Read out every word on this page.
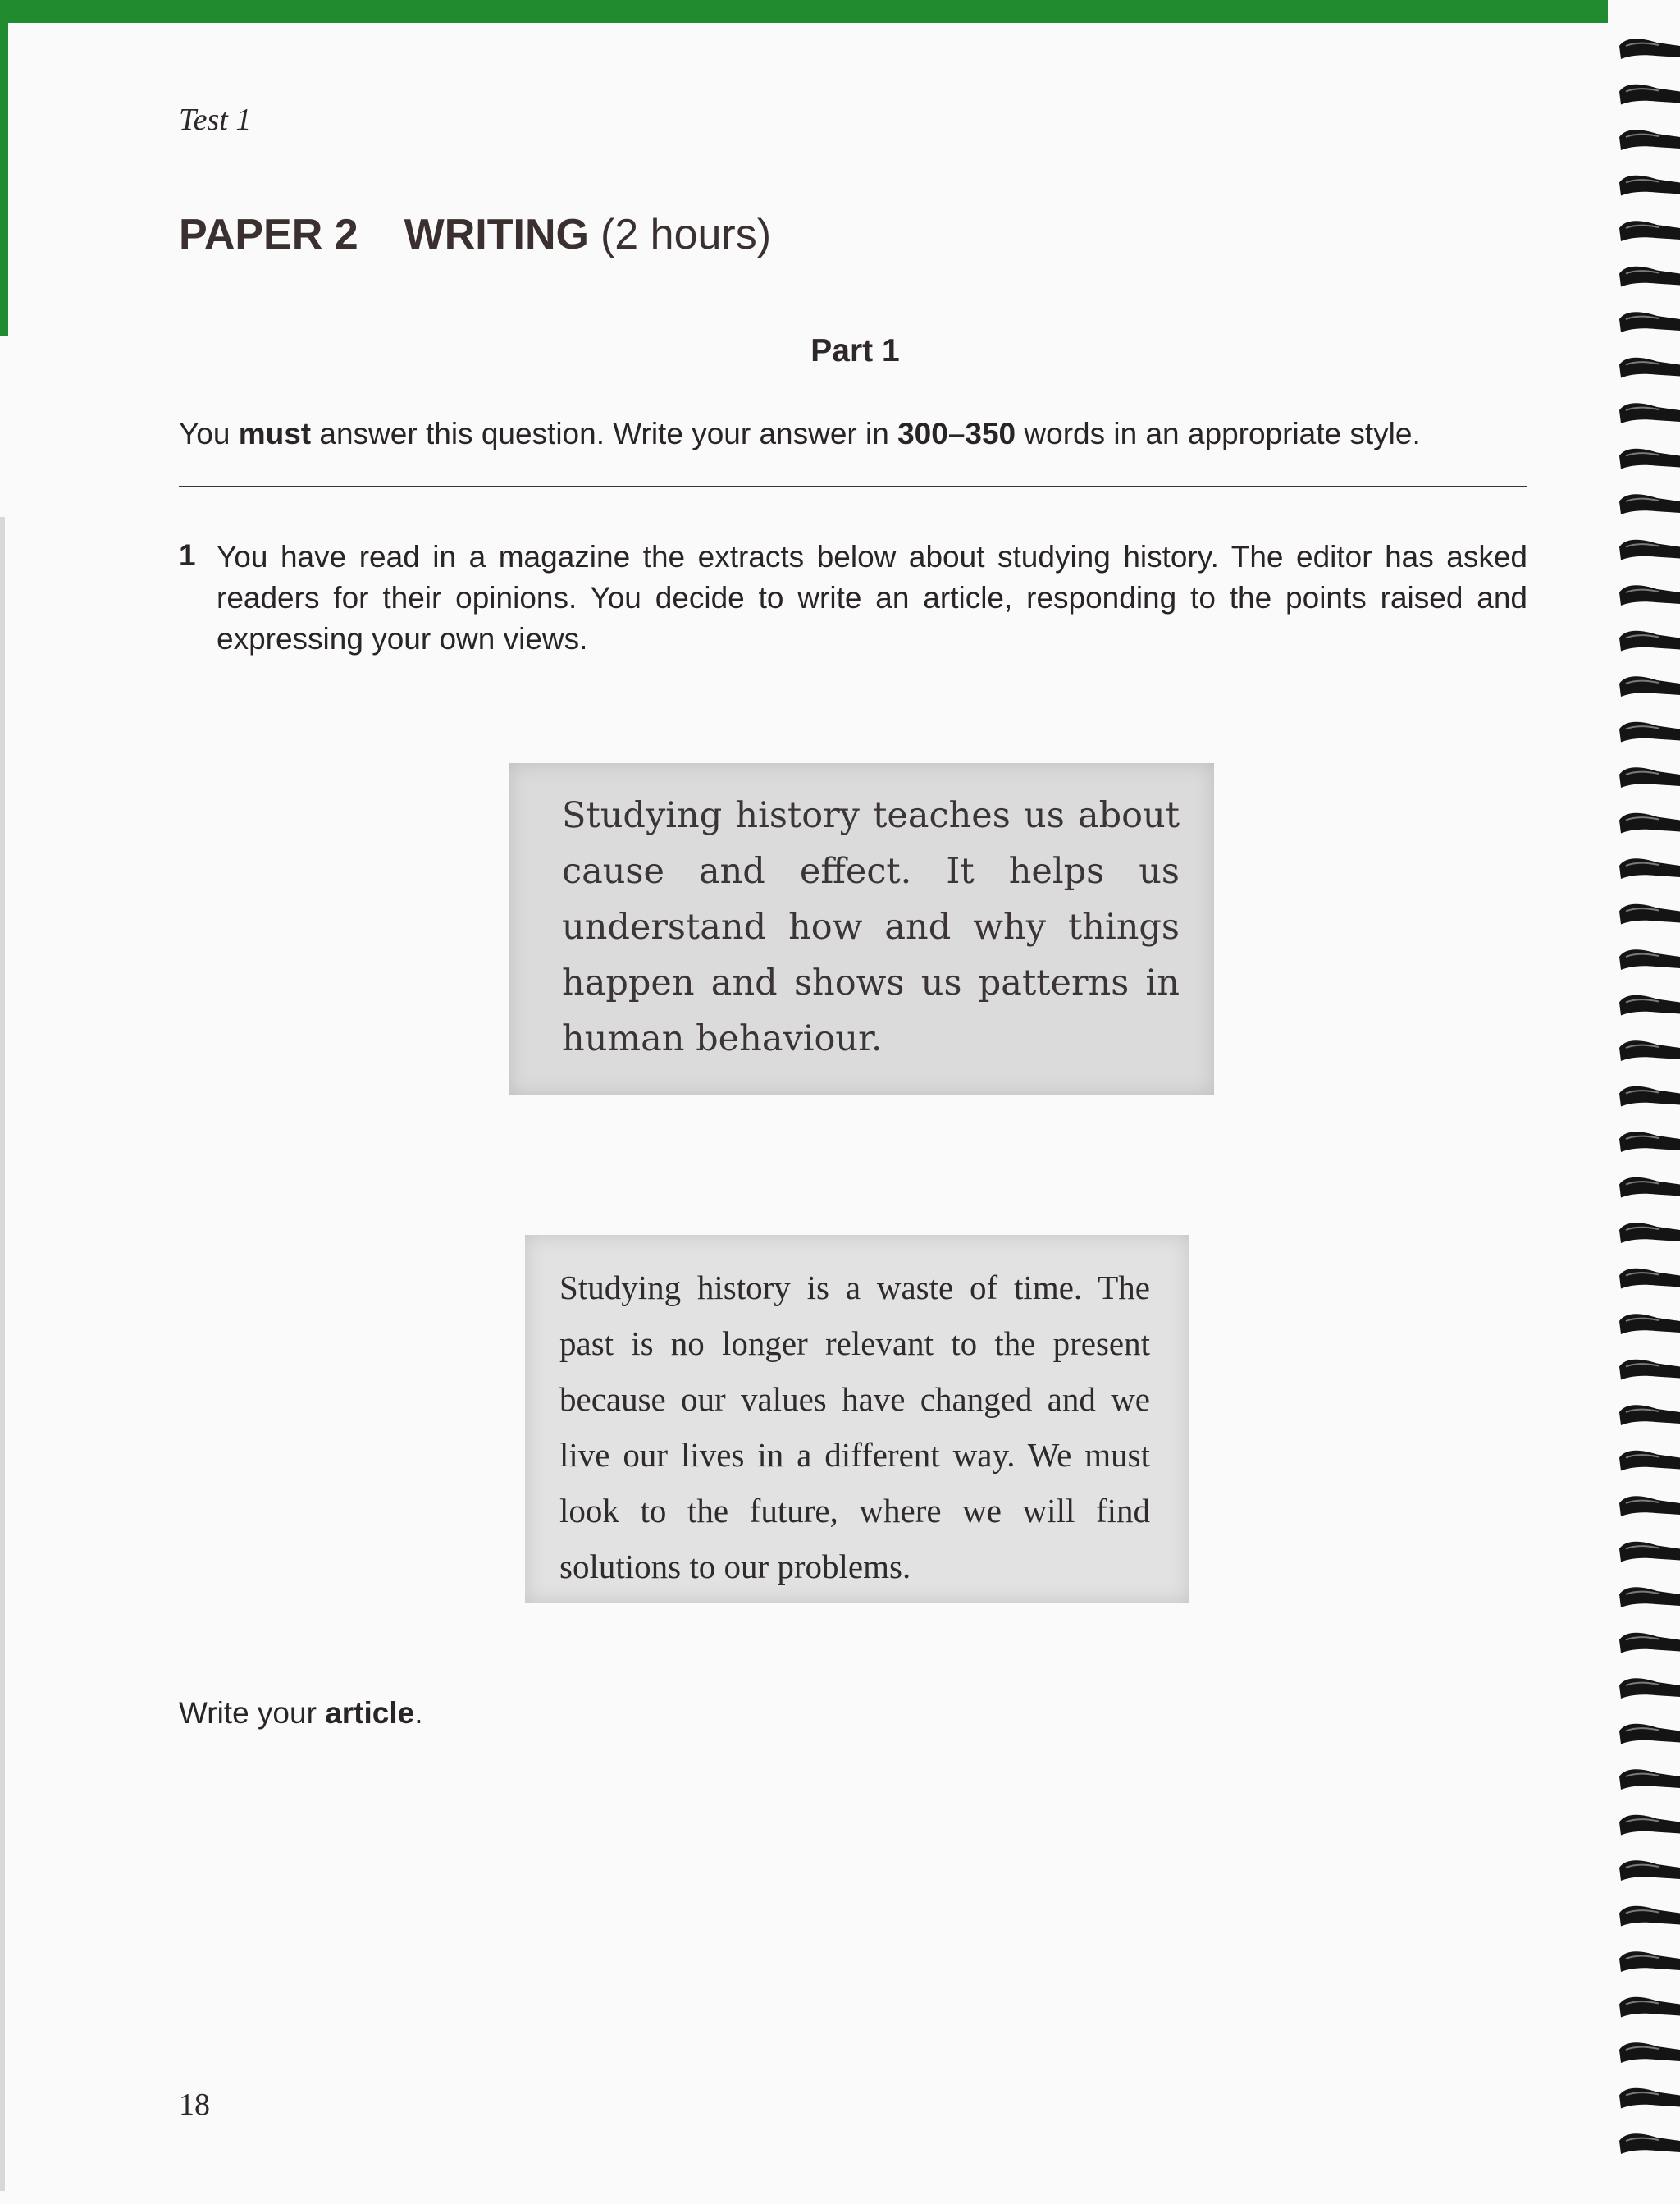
Test 1
PAPER 2 WRITING (2 hours)
Part 1
You must answer this question. Write your answer in 300–350 words in an appropriate style.
1 You have read in a magazine the extracts below about studying history. The editor has asked readers for their opinions. You decide to write an article, responding to the points raised and expressing your own views.
Studying history teaches us about cause and effect. It helps us understand how and why things happen and shows us patterns in human behaviour.
Studying history is a waste of time. The past is no longer relevant to the present because our values have changed and we live our lives in a different way. We must look to the future, where we will find solutions to our problems.
Write your article.
18
